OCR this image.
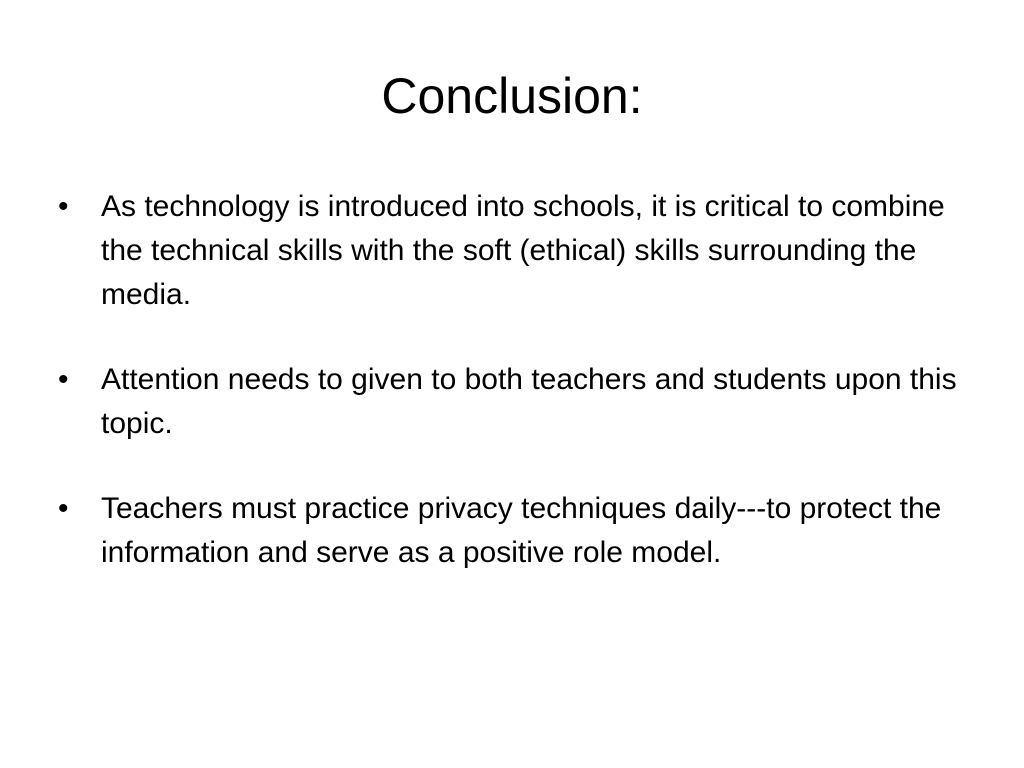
Conclusion:
•	As technology is introduced into schools, it is critical to combine the technical skills with the soft (ethical) skills surrounding the media.
•	Attention needs to given to both teachers and students upon this topic.
•	Teachers must practice privacy techniques daily---to protect the information and serve as a positive role model.
